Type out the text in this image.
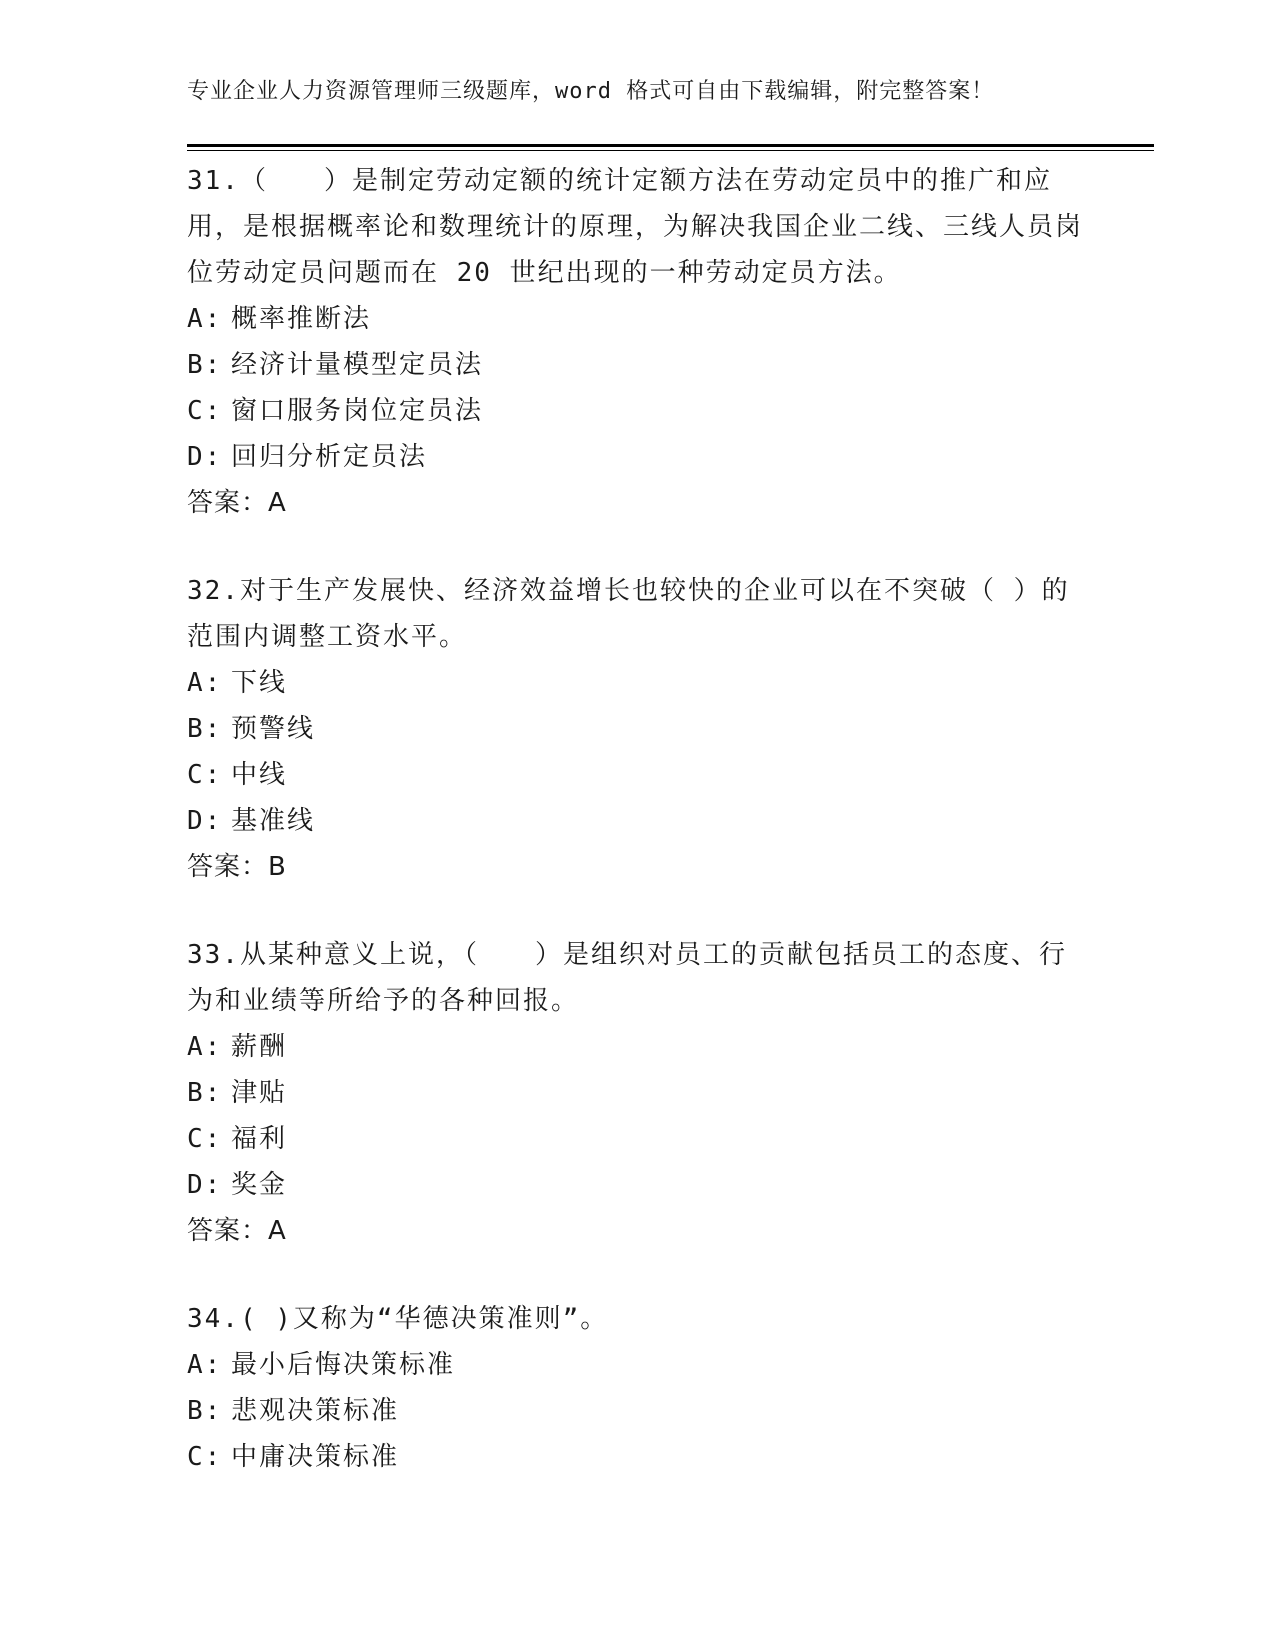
专业企业人力资源管理师三级题库，word 格式可自由下载编辑，附完整答案！

31.（　　）是制定劳动定额的统计定额方法在劳动定员中的推广和应用，是根据概率论和数理统计的原理，为解决我国企业二线、三线人员岗位劳动定员问题而在 20 世纪出现的一种劳动定员方法。

A: 概率推断法

B: 经济计量模型定员法

C: 窗口服务岗位定员法

D: 回归分析定员法

答案：A

32.对于生产发展快、经济效益增长也较快的企业可以在不突破（ ）的范围内调整工资水平。

A: 下线

B: 预警线

C: 中线

D: 基准线

答案：B

33.从某种意义上说，（　　）是组织对员工的贡献包括员工的态度、行为和业绩等所给予的各种回报。

A: 薪酬

B: 津贴

C: 福利

D: 奖金

答案：A

34.( )又称为“华德决策准则”。

A: 最小后悔决策标准

B: 悲观决策标准

C: 中庸决策标准
